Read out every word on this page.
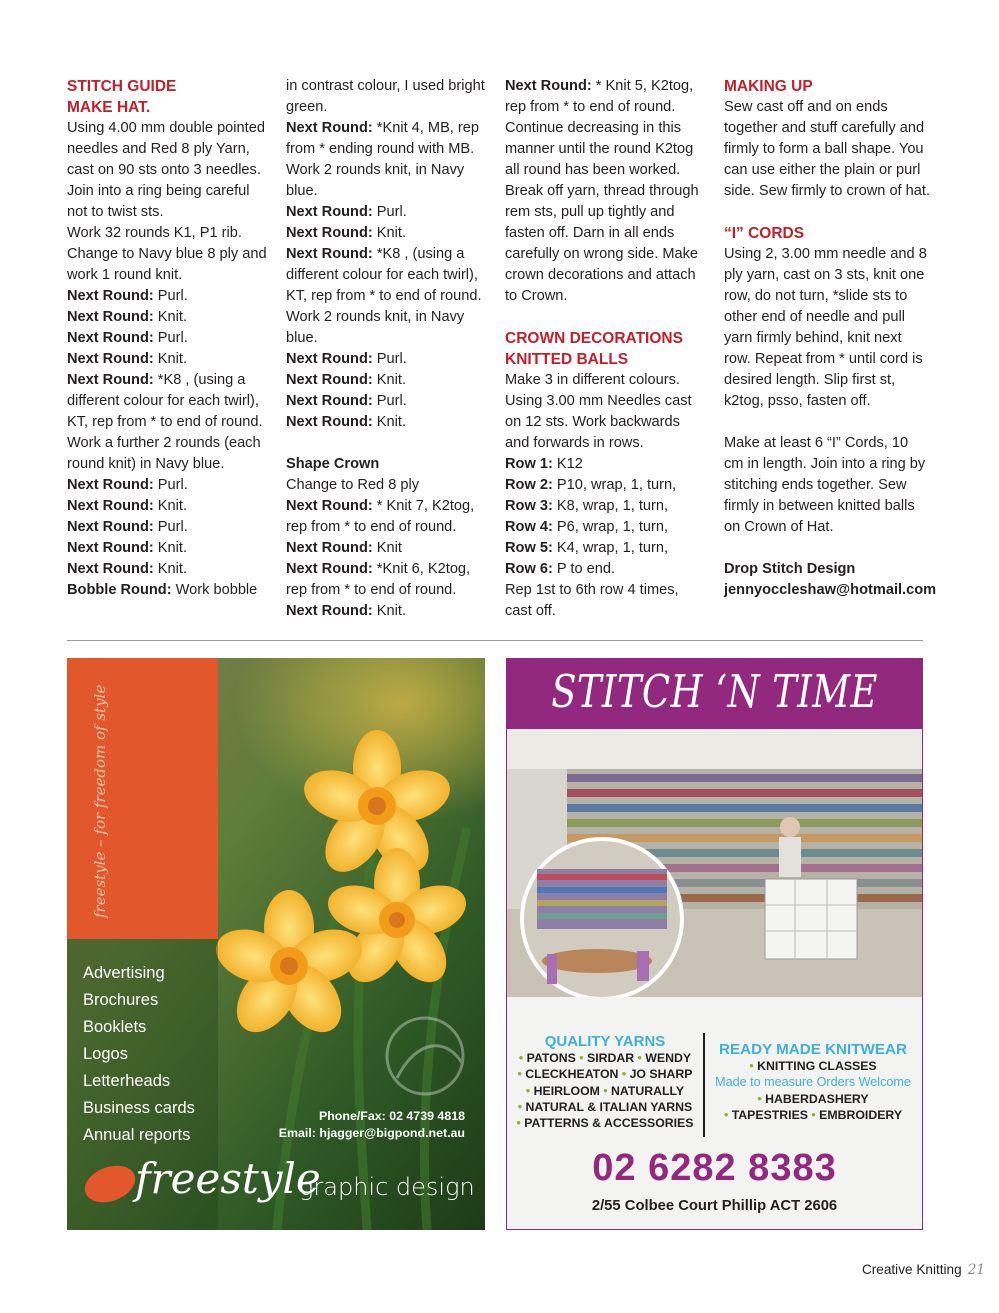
STITCH GUIDE

MAKE HAT.

Using 4.00 mm double pointed needles and Red 8 ply Yarn, cast on 90 sts onto 3 needles. Join into a ring being careful not to twist sts.

Work 32 rounds K1, P1 rib.

Change to Navy blue 8 ply and work 1 round knit.

Next Round: Purl.

Next Round: Knit.

Next Round: Purl.

Next Round: Knit.

Next Round: *K8 , (using a different colour for each twirl), KT, rep from * to end of round.

Work a further 2 rounds (each round knit) in Navy blue.

Next Round: Purl.

Next Round: Knit.

Next Round: Purl.

Next Round: Knit.

Next Round: Knit.

Bobble Round: Work bobble

in contrast colour, I used bright green.

Next Round: *Knit 4, MB, rep from * ending round with MB.

Work 2 rounds knit, in Navy blue.

Next Round: Purl.

Next Round: Knit.

Next Round: *K8 , (using a different colour for each twirl), KT, rep from * to end of round.

Work 2 rounds knit, in Navy blue.

Next Round: Purl.

Next Round: Knit.

Next Round: Purl.

Next Round: Knit.

Shape Crown

Change to Red 8 ply

Next Round: * Knit 7, K2tog, rep from * to end of round.

Next Round: Knit

Next Round: *Knit 6, K2tog, rep from * to end of round.

Next Round: Knit.

Next Round: * Knit 5, K2tog, rep from * to end of round.

Continue decreasing in this manner until the round K2tog all round has been worked. Break off yarn, thread through rem sts, pull up tightly and fasten off. Darn in all ends carefully on wrong side. Make crown decorations and attach to Crown.

CROWN DECORATIONS

KNITTED BALLS

Make 3 in different colours. Using 3.00 mm Needles cast on 12 sts. Work backwards and forwards in rows.

Row 1: K12

Row 2: P10, wrap, 1, turn,

Row 3: K8, wrap, 1, turn,

Row 4: P6, wrap, 1, turn,

Row 5: K4, wrap, 1, turn,

Row 6: P to end.

Rep 1st to 6th row 4 times, cast off.

MAKING UP

Sew cast off and on ends together and stuff carefully and firmly to form a ball shape. You can use either the plain or purl side. Sew firmly to crown of hat.

“I” CORDS

Using 2, 3.00 mm needle and 8 ply yarn, cast on 3 sts, knit one row, do not turn, *slide sts to other end of needle and pull yarn firmly behind, knit next row. Repeat from * until cord is desired length. Slip first st, k2tog, psso, fasten off.

Make at least 6 “I” Cords, 10 cm in length. Join into a ring by stitching ends together. Sew firmly in between knitted balls on Crown of Hat.

Drop Stitch Design

jennyoccleshaw@hotmail.com

freestyle – for freedom of style
Advertising
Brochures
Booklets
Logos
Letterheads
Business cards
Annual reports
Phone/Fax: 02 4739 4818
Email: hjagger@bigpond.net.au
freestyle
graphic design
STITCH ‘N TIME
QUALITY YARNS
• PATONS • SIRDAR • WENDY
• CLECKHEATON • JO SHARP
• HEIRLOOM • NATURALLY
• NATURAL & ITALIAN YARNS
• PATTERNS & ACCESSORIES
READY MADE KNITWEAR
• KNITTING CLASSES
Made to measure Orders Welcome
• HABERDASHERY
• TAPESTRIES • EMBROIDERY
02 6282 8383
2/55 Colbee Court Phillip ACT 2606
Creative Knitting 21
